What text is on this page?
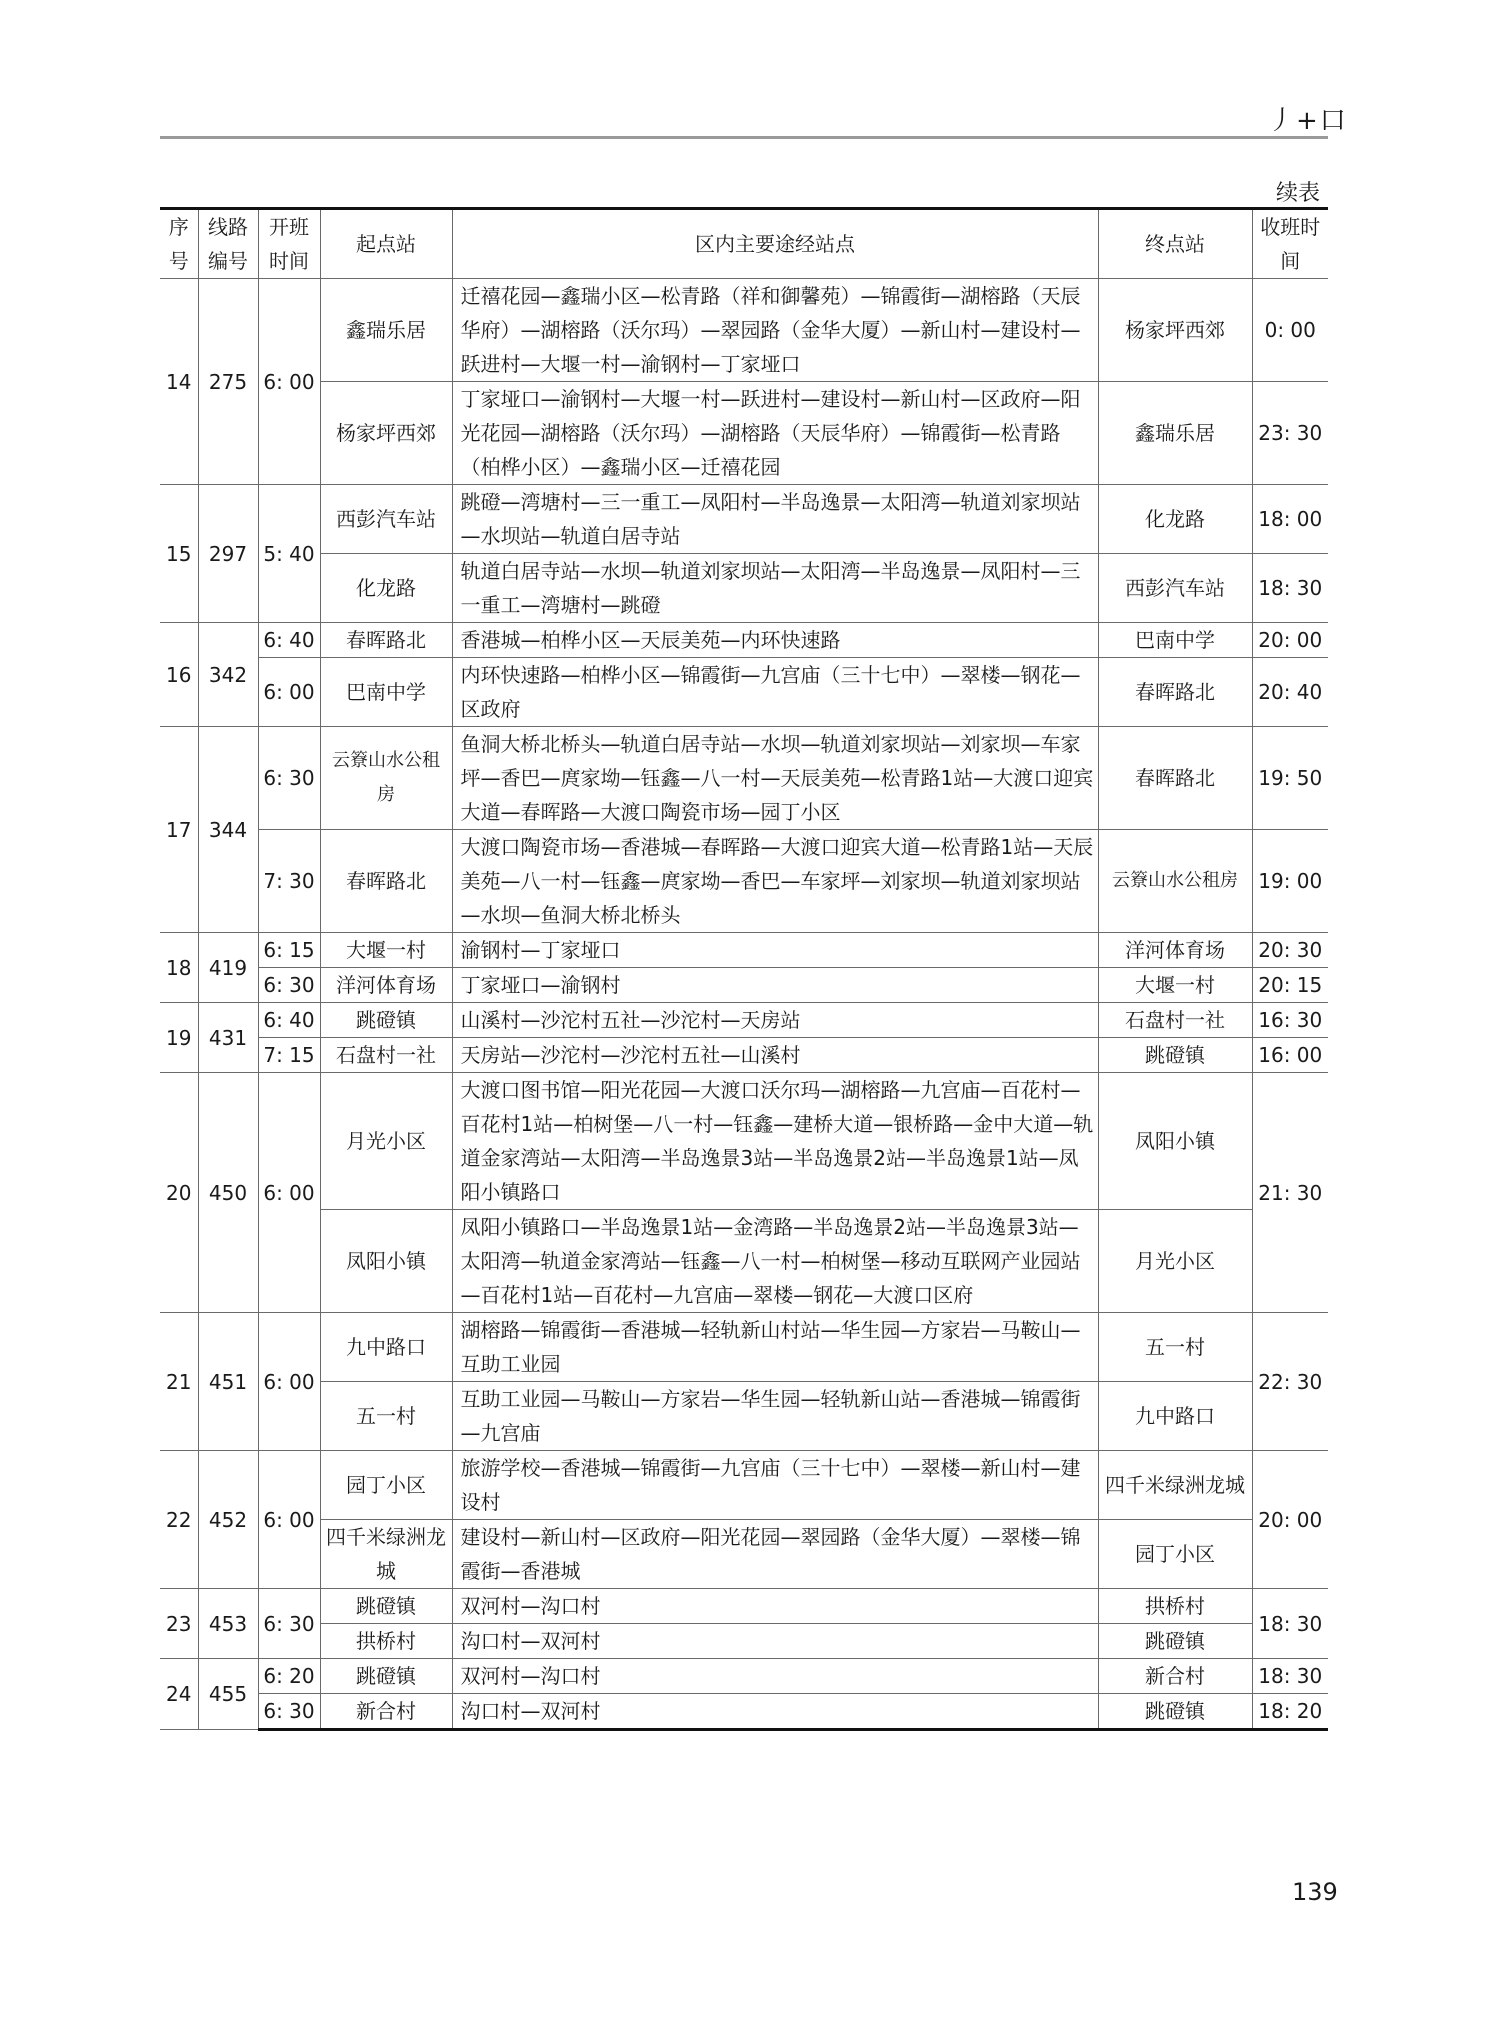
丿+口
续表
序号	线路编号	开班时间	起点站	区内主要途经站点	终点站	收班时间
14	275	6: 00	鑫瑞乐居	迁禧花园—鑫瑞小区—松青路（祥和御馨苑）—锦霞街—湖榕路（天辰华府）—湖榕路（沃尔玛）—翠园路（金华大厦）—新山村—建设村—跃进村—大堰一村—渝钢村—丁家垭口	杨家坪西郊	0: 00
			杨家坪西郊	丁家垭口—渝钢村—大堰一村—跃进村—建设村—新山村—区政府—阳光花园—湖榕路（沃尔玛）—湖榕路（天辰华府）—锦霞街—松青路（柏桦小区）—鑫瑞小区—迁禧花园	鑫瑞乐居	23: 30
15	297	5: 40	西彭汽车站	跳磴—湾塘村—三一重工—凤阳村—半岛逸景—太阳湾—轨道刘家坝站—水坝站—轨道白居寺站	化龙路	18: 00
			化龙路	轨道白居寺站—水坝—轨道刘家坝站—太阳湾—半岛逸景—凤阳村—三一重工—湾塘村—跳磴	西彭汽车站	18: 30
16	342	6: 40	春晖路北	香港城—柏桦小区—天辰美苑—内环快速路	巴南中学	20: 00
		6: 00	巴南中学	内环快速路—柏桦小区—锦霞街—九宫庙（三十七中）—翠楼—钢花—区政府	春晖路北	20: 40
17	344	6: 30	云簝山水公租房	鱼洞大桥北桥头—轨道白居寺站—水坝—轨道刘家坝站—刘家坝—车家坪—香巴—庹家坳—钰鑫—八一村—天辰美苑—松青路1站—大渡口迎宾大道—春晖路—大渡口陶瓷市场—园丁小区	春晖路北	19: 50
		7: 30	春晖路北	大渡口陶瓷市场—香港城—春晖路—大渡口迎宾大道—松青路1站—天辰美苑—八一村—钰鑫—庹家坳—香巴—车家坪—刘家坝—轨道刘家坝站—水坝—鱼洞大桥北桥头	云簝山水公租房	19: 00
18	419	6: 15	大堰一村	渝钢村—丁家垭口	洋河体育场	20: 30
		6: 30	洋河体育场	丁家垭口—渝钢村	大堰一村	20: 15
19	431	6: 40	跳磴镇	山溪村—沙沱村五社—沙沱村—天房站	石盘村一社	16: 30
		7: 15	石盘村一社	天房站—沙沱村—沙沱村五社—山溪村	跳磴镇	16: 00
20	450	6: 00	月光小区	大渡口图书馆—阳光花园—大渡口沃尔玛—湖榕路—九宫庙—百花村—百花村1站—柏树堡—八一村—钰鑫—建桥大道—银桥路—金中大道—轨道金家湾站—太阳湾—半岛逸景3站—半岛逸景2站—半岛逸景1站—凤阳小镇路口	凤阳小镇	21: 30
			凤阳小镇	凤阳小镇路口—半岛逸景1站—金湾路—半岛逸景2站—半岛逸景3站—太阳湾—轨道金家湾站—钰鑫—八一村—柏树堡—移动互联网产业园站—百花村1站—百花村—九宫庙—翠楼—钢花—大渡口区府	月光小区	
21	451	6: 00	九中路口	湖榕路—锦霞街—香港城—轻轨新山村站—华生园—方家岩—马鞍山—互助工业园	五一村	22: 30
			五一村	互助工业园—马鞍山—方家岩—华生园—轻轨新山站—香港城—锦霞街—九宫庙	九中路口	
22	452	6: 00	园丁小区	旅游学校—香港城—锦霞街—九宫庙（三十七中）—翠楼—新山村—建设村	四千米绿洲龙城	20: 00
			四千米绿洲龙城	建设村—新山村—区政府—阳光花园—翠园路（金华大厦）—翠楼—锦霞街—香港城	园丁小区	
23	453	6: 30	跳磴镇	双河村—沟口村	拱桥村	18: 30
			拱桥村	沟口村—双河村	跳磴镇	
24	455	6: 20	跳磴镇	双河村—沟口村	新合村	18: 30
		6: 30	新合村	沟口村—双河村	跳磴镇	18: 20
139
